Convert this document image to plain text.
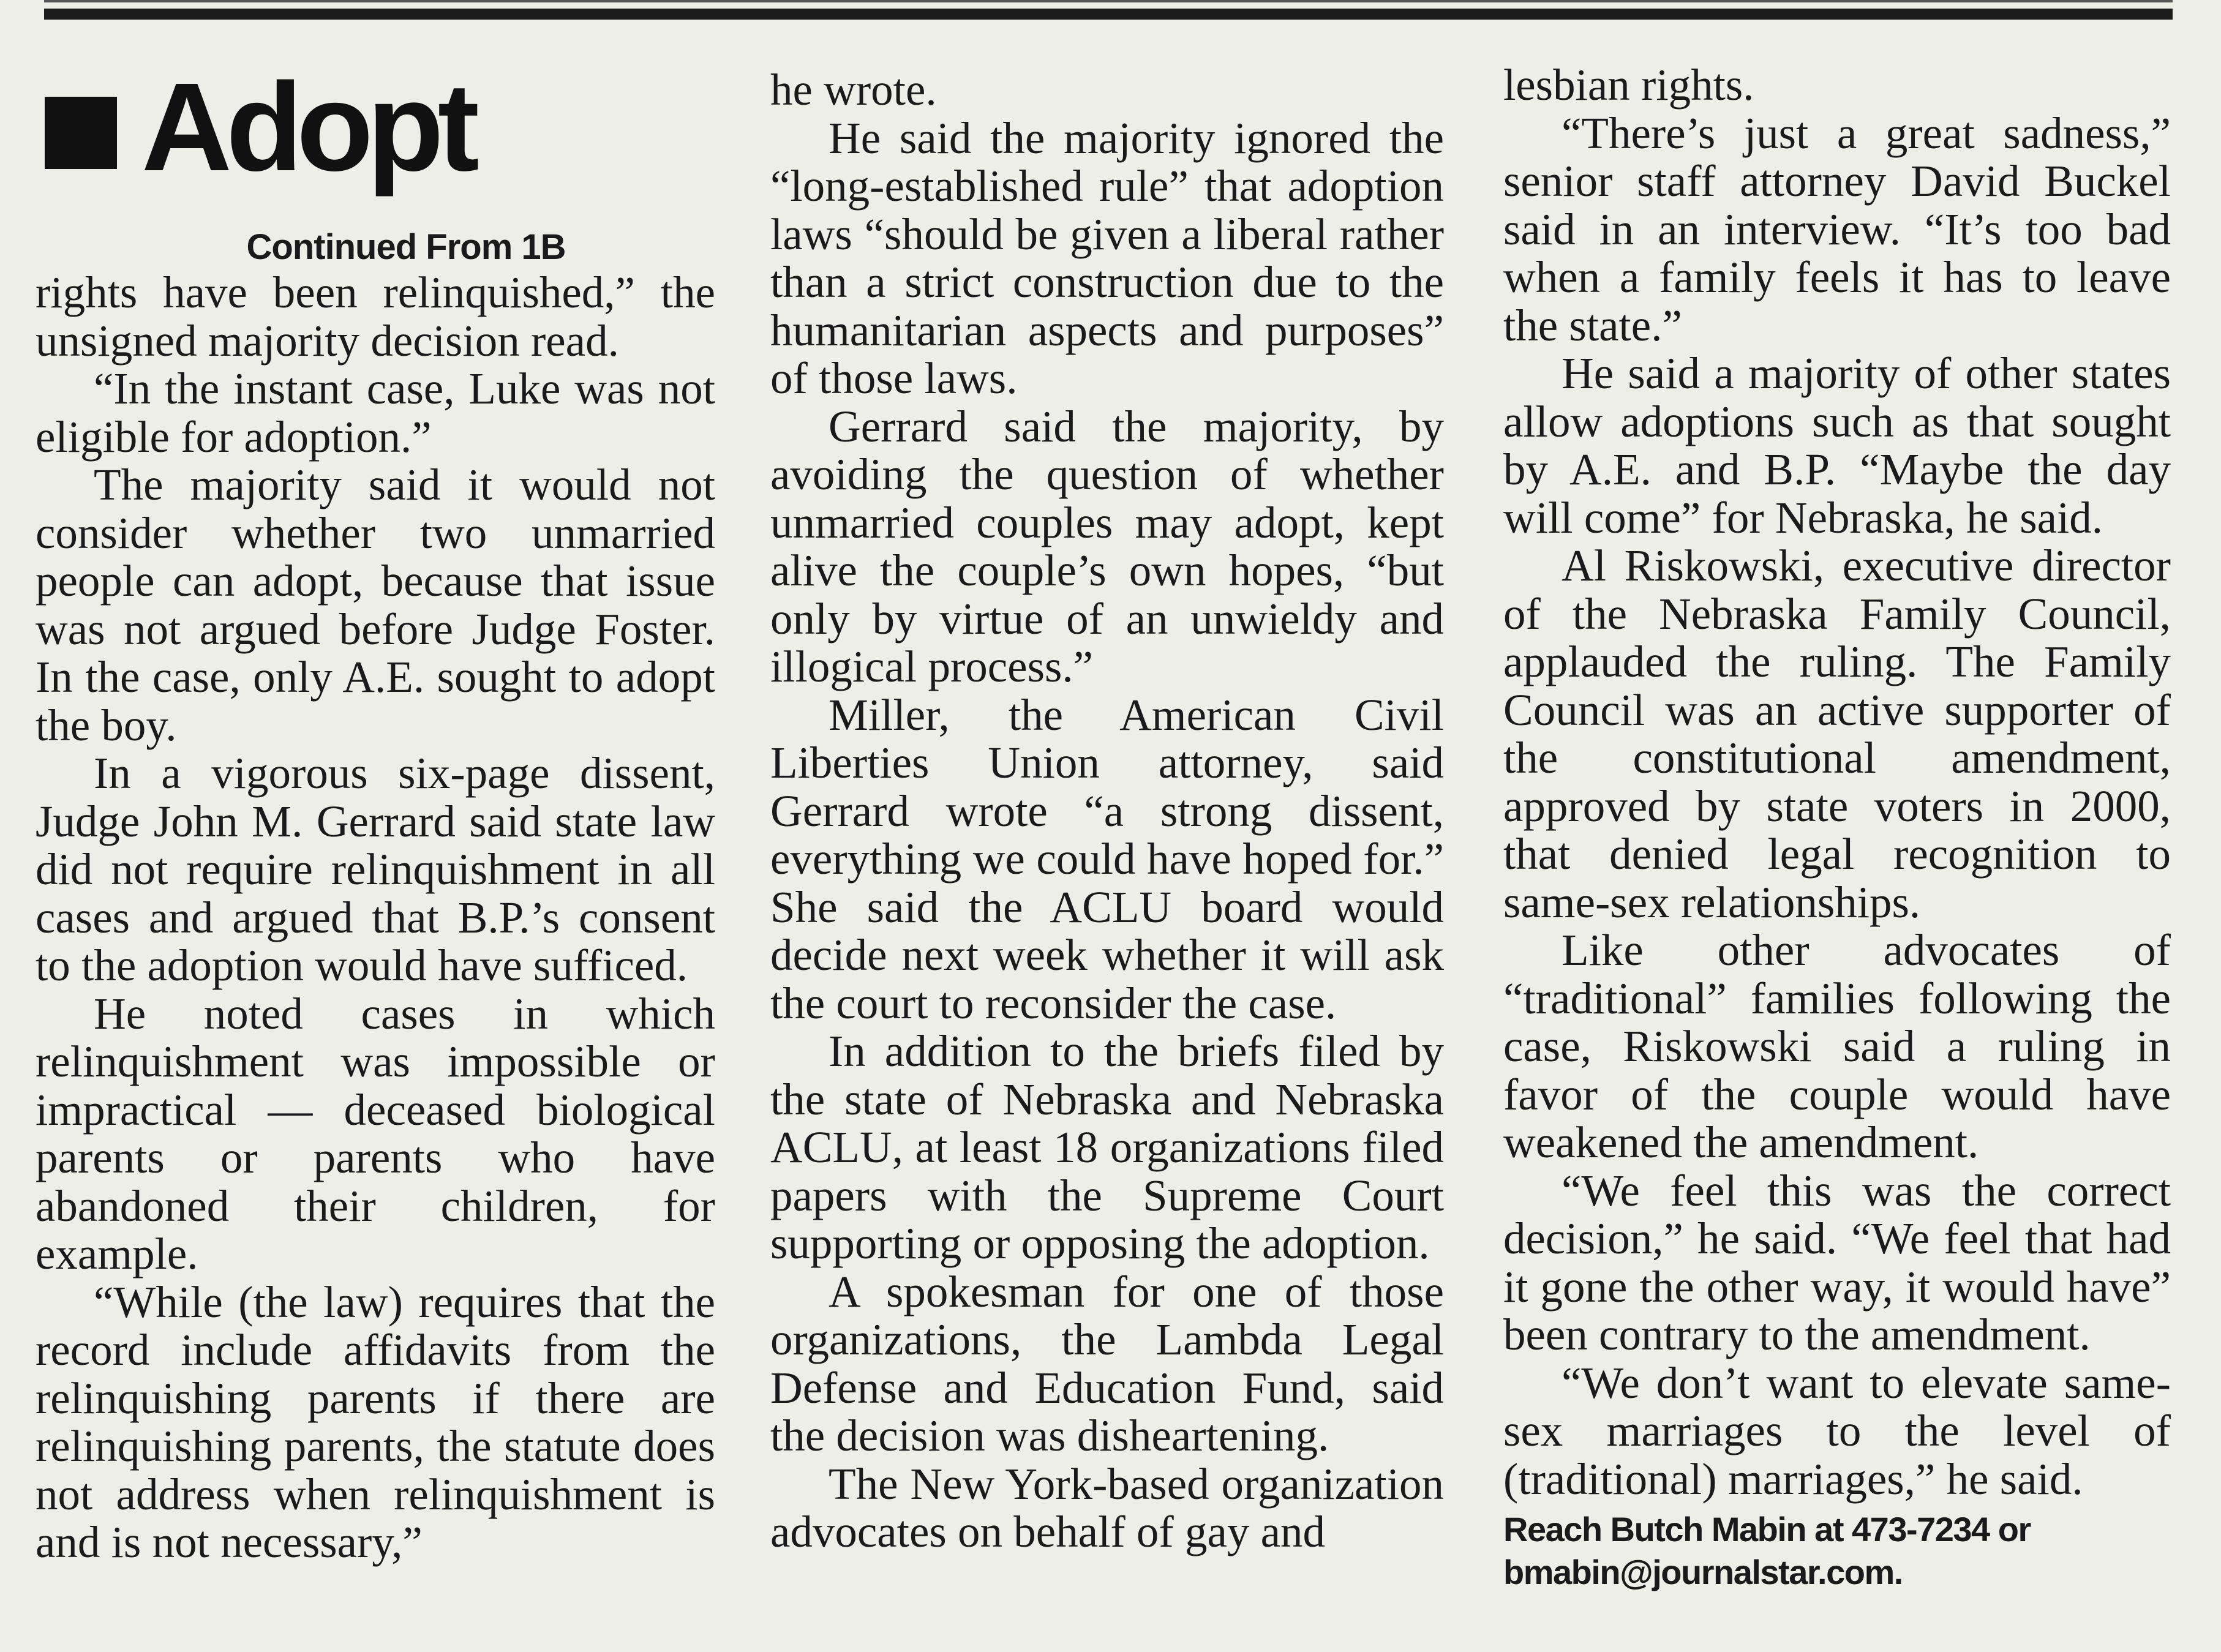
Adopt
Continued From 1B

rights have been relinquished,” the unsigned majority decision read.

“In the instant case, Luke was not eligible for adoption.”

The majority said it would not consider whether two unmarried people can adopt, because that issue was not argued before Judge Foster. In the case, only A.E. sought to adopt the boy.

In a vigorous six-page dissent, Judge John M. Gerrard said state law did not require relinquishment in all cases and argued that B.P.’s consent to the adoption would have sufficed.

He noted cases in which relinquishment was impossible or impractical — deceased biological parents or parents who have abandoned their children, for example.

“While (the law) requires that the record include affidavits from the relinquishing parents if there are relinquishing parents, the statute does not address when relinquishment is and is not necessary,”

he wrote.

He said the majority ignored the “long-established rule” that adoption laws “should be given a liberal rather than a strict construction due to the humanitarian aspects and purposes” of those laws.

Gerrard said the majority, by avoiding the question of whether unmarried couples may adopt, kept alive the couple’s own hopes, “but only by virtue of an unwieldy and illogical process.”

Miller, the American Civil Liberties Union attorney, said Gerrard wrote “a strong dissent, everything we could have hoped for.” She said the ACLU board would decide next week whether it will ask the court to reconsider the case.

In addition to the briefs filed by the state of Nebraska and Nebraska ACLU, at least 18 organizations filed papers with the Supreme Court supporting or opposing the adoption.

A spokesman for one of those organizations, the Lambda Legal Defense and Education Fund, said the decision was disheartening.

The New York-based organization advocates on behalf of gay and

lesbian rights.

“There’s just a great sadness,” senior staff attorney David Buckel said in an interview. “It’s too bad when a family feels it has to leave the state.”

He said a majority of other states allow adoptions such as that sought by A.E. and B.P. “Maybe the day will come” for Nebraska, he said.

Al Riskowski, executive director of the Nebraska Family Council, applauded the ruling. The Family Council was an active supporter of the constitutional amendment, approved by state voters in 2000, that denied legal recognition to same-sex relationships.

Like other advocates of “traditional” families following the case, Riskowski said a ruling in favor of the couple would have weakened the amendment.

“We feel this was the correct decision,” he said. “We feel that had it gone the other way, it would have” been contrary to the amendment.

“We don’t want to elevate same-sex marriages to the level of (traditional) marriages,” he said.

Reach Butch Mabin at 473-7234 or
bmabin@journalstar.com.
